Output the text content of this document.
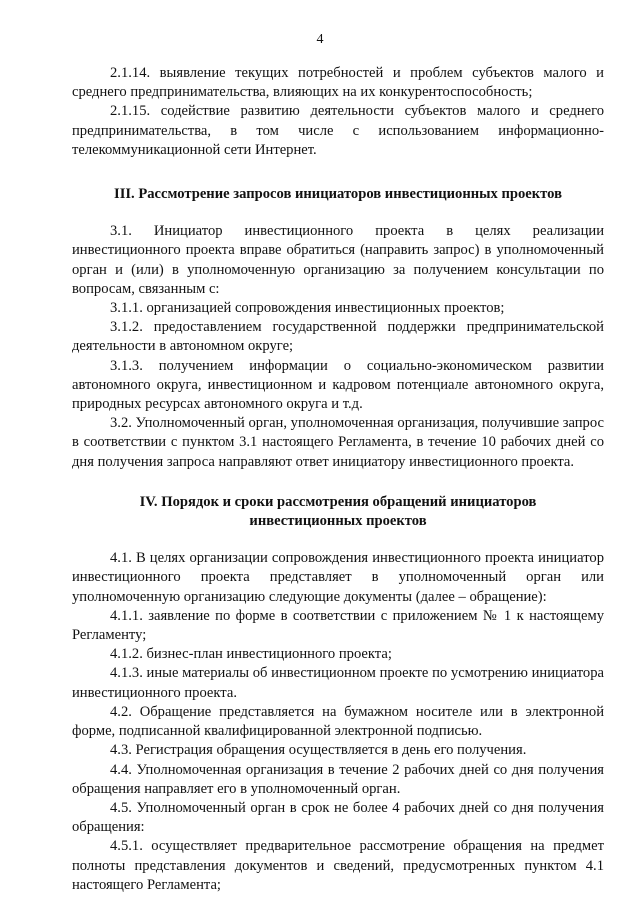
4

2.1.14. выявление текущих потребностей и проблем субъектов малого и среднего предпринимательства, влияющих на их конкурентоспособность;

2.1.15. содействие развитию деятельности субъектов малого и среднего предпринимательства, в том числе с использованием информационно-телекоммуникационной сети Интернет.

III. Рассмотрение запросов инициаторов инвестиционных проектов

3.1. Инициатор инвестиционного проекта в целях реализации инвестиционного проекта вправе обратиться (направить запрос) в уполномоченный орган и (или) в уполномоченную организацию за получением консультации по вопросам, связанным с:

3.1.1. организацией сопровождения инвестиционных проектов;

3.1.2. предоставлением государственной поддержки предпринимательской деятельности в автономном округе;

3.1.3. получением информации о социально-экономическом развитии автономного округа, инвестиционном и кадровом потенциале автономного округа, природных ресурсах автономного округа и т.д.

3.2. Уполномоченный орган, уполномоченная организация, получившие запрос в соответствии с пунктом 3.1 настоящего Регламента, в течение 10 рабочих дней со дня получения запроса направляют ответ инициатору инвестиционного проекта.

IV. Порядок и сроки рассмотрения обращений инициаторов

инвестиционных проектов

4.1. В целях организации сопровождения инвестиционного проекта инициатор инвестиционного проекта представляет в уполномоченный орган или уполномоченную организацию следующие документы (далее – обращение):

4.1.1. заявление по форме в соответствии с приложением № 1 к настоящему Регламенту;

4.1.2. бизнес-план инвестиционного проекта;

4.1.3. иные материалы об инвестиционном проекте по усмотрению инициатора инвестиционного проекта.

4.2. Обращение представляется на бумажном носителе или в электронной форме, подписанной квалифицированной электронной подписью.

4.3. Регистрация обращения осуществляется в день его получения.

4.4. Уполномоченная организация в течение 2 рабочих дней со дня получения обращения направляет его в уполномоченный орган.

4.5. Уполномоченный орган в срок не более 4 рабочих дней со дня получения обращения:

4.5.1. осуществляет предварительное рассмотрение обращения на предмет полноты представления документов и сведений, предусмотренных пунктом 4.1 настоящего Регламента;
